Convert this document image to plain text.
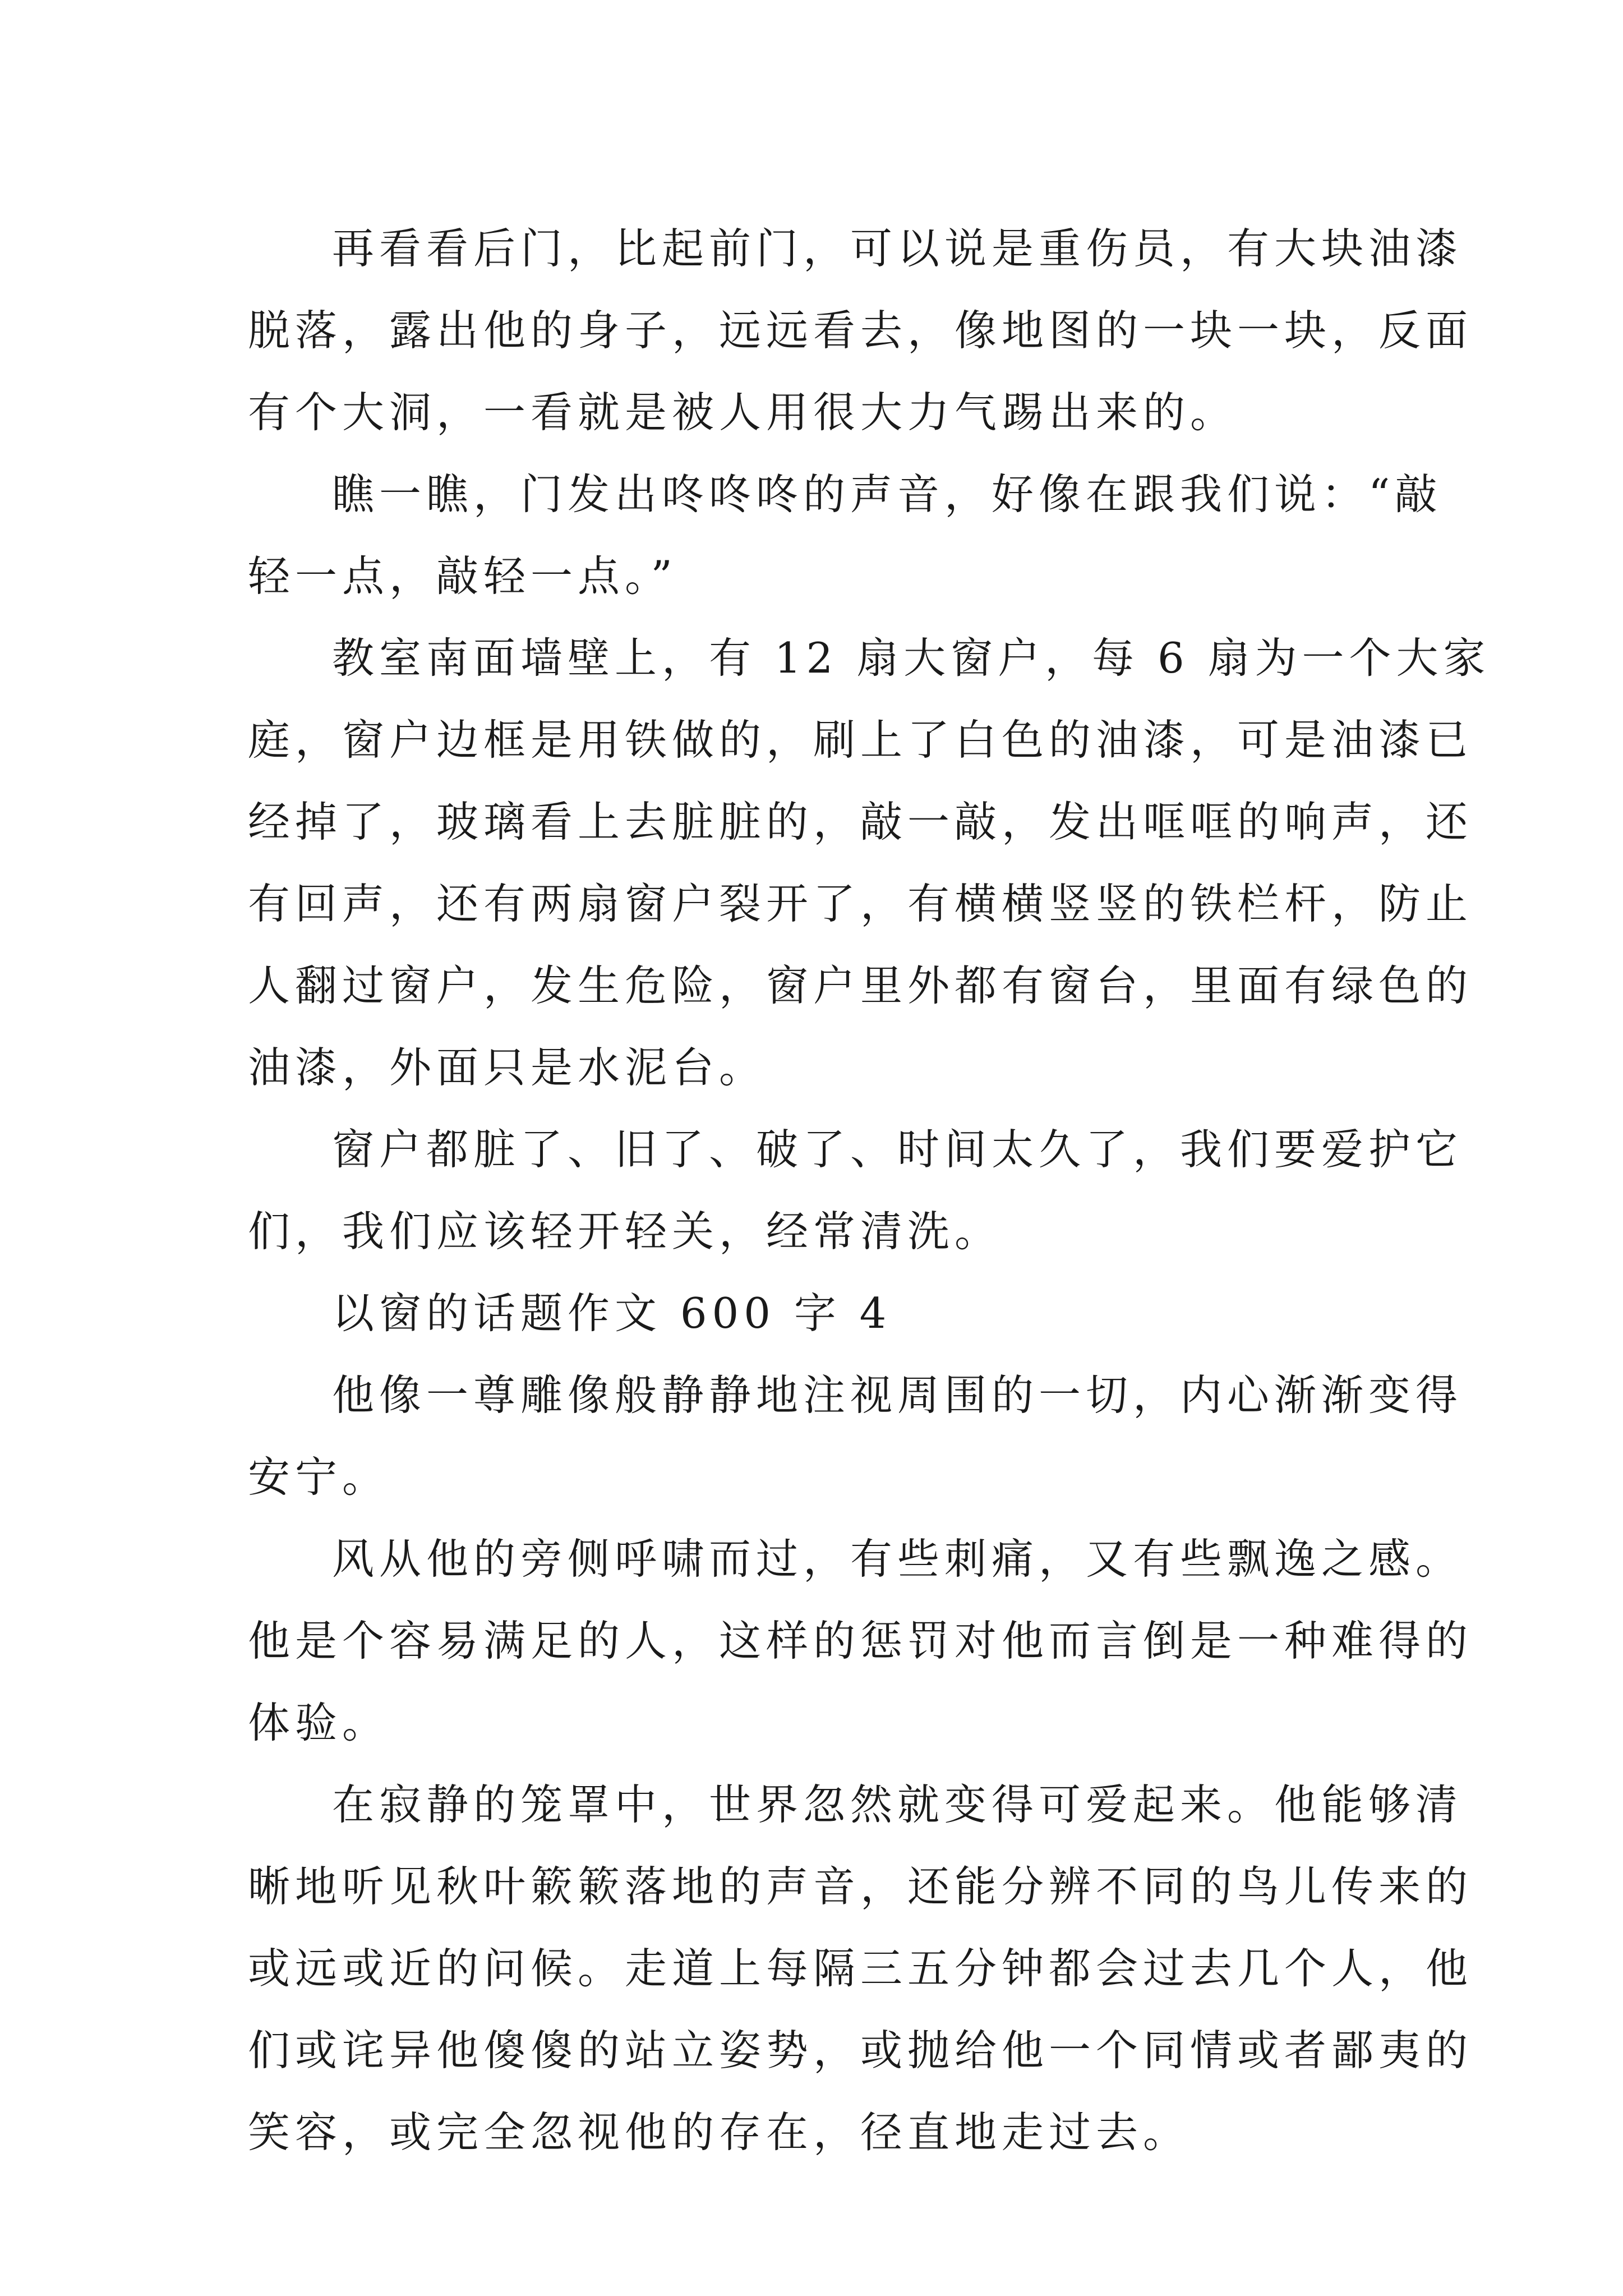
再看看后门，比起前门，可以说是重伤员，有大块油漆
脱落，露出他的身子，远远看去，像地图的一块一块，反面
有个大洞，一看就是被人用很大力气踢出来的。

瞧一瞧，门发出咚咚咚的声音，好像在跟我们说：“敲
轻一点，敲轻一点。”

教室南面墙壁上，有 12 扇大窗户，每 6 扇为一个大家
庭，窗户边框是用铁做的，刷上了白色的油漆，可是油漆已
经掉了，玻璃看上去脏脏的，敲一敲，发出哐哐的响声，还
有回声，还有两扇窗户裂开了，有横横竖竖的铁栏杆，防止
人翻过窗户，发生危险，窗户里外都有窗台，里面有绿色的
油漆，外面只是水泥台。

窗户都脏了、旧了、破了、时间太久了，我们要爱护它
们，我们应该轻开轻关，经常清洗。

以窗的话题作文 600 字 4

他像一尊雕像般静静地注视周围的一切，内心渐渐变得
安宁。

风从他的旁侧呼啸而过，有些刺痛，又有些飘逸之感。
他是个容易满足的人，这样的惩罚对他而言倒是一种难得的
体验。

在寂静的笼罩中，世界忽然就变得可爱起来。他能够清
晰地听见秋叶簌簌落地的声音，还能分辨不同的鸟儿传来的
或远或近的问候。走道上每隔三五分钟都会过去几个人，他
们或诧异他傻傻的站立姿势，或抛给他一个同情或者鄙夷的
笑容，或完全忽视他的存在，径直地走过去。
